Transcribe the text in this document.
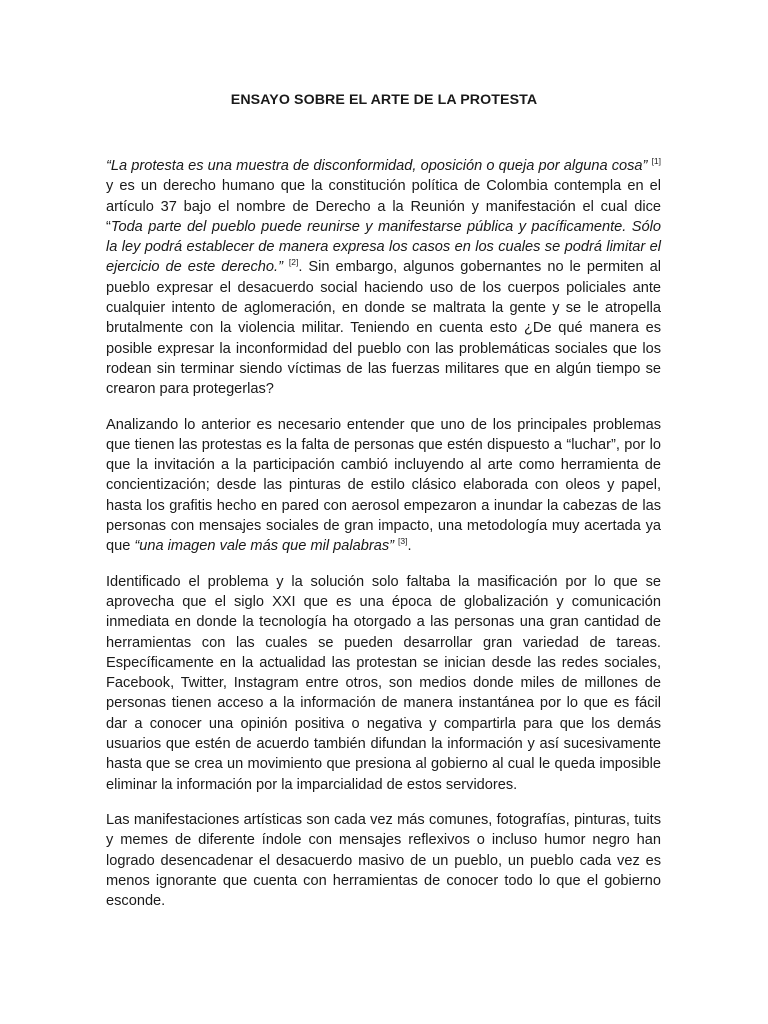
ENSAYO SOBRE EL ARTE DE LA PROTESTA

“La protesta es una muestra de disconformidad, oposición o queja por alguna cosa” [1] y es un derecho humano que la constitución política de Colombia contempla en el artículo 37 bajo el nombre de Derecho a la Reunión y manifestación el cual dice “Toda parte del pueblo puede reunirse y manifestarse pública y pacíficamente. Sólo la ley podrá establecer de manera expresa los casos en los cuales se podrá limitar el ejercicio de este derecho.” [2]. Sin embargo, algunos gobernantes no le permiten al pueblo expresar el desacuerdo social haciendo uso de los cuerpos policiales ante cualquier intento de aglomeración, en donde se maltrata la gente y se le atropella brutalmente con la violencia militar. Teniendo en cuenta esto ¿De qué manera es posible expresar la inconformidad del pueblo con las problemáticas sociales que los rodean sin terminar siendo víctimas de las fuerzas militares que en algún tiempo se crearon para protegerlas?

Analizando lo anterior es necesario entender que uno de los principales problemas que tienen las protestas es la falta de personas que estén dispuesto a “luchar”, por lo que la invitación a la participación cambió incluyendo al arte como herramienta de concientización; desde las pinturas de estilo clásico elaborada con oleos y papel, hasta los grafitis hecho en pared con aerosol empezaron a inundar la cabezas de las personas con mensajes sociales de gran impacto, una metodología muy acertada ya que “una imagen vale más que mil palabras” [3].

Identificado el problema y la solución solo faltaba la masificación por lo que se aprovecha que el siglo XXI que es una época de globalización y comunicación inmediata en donde la tecnología ha otorgado a las personas una gran cantidad de herramientas con las cuales se pueden desarrollar gran variedad de tareas. Específicamente en la actualidad las protestan se inician desde las redes sociales, Facebook, Twitter, Instagram entre otros, son medios donde miles de millones de personas tienen acceso a la información de manera instantánea por lo que es fácil dar a conocer una opinión positiva o negativa y compartirla para que los demás usuarios que estén de acuerdo también difundan la información y así sucesivamente hasta que se crea un movimiento que presiona al gobierno al cual le queda imposible eliminar la información por la imparcialidad de estos servidores.

Las manifestaciones artísticas son cada vez más comunes, fotografías, pinturas, tuits y memes de diferente índole con mensajes reflexivos o incluso humor negro han logrado desencadenar el desacuerdo masivo de un pueblo, un pueblo cada vez es menos ignorante que cuenta con herramientas de conocer todo lo que el gobierno esconde.
